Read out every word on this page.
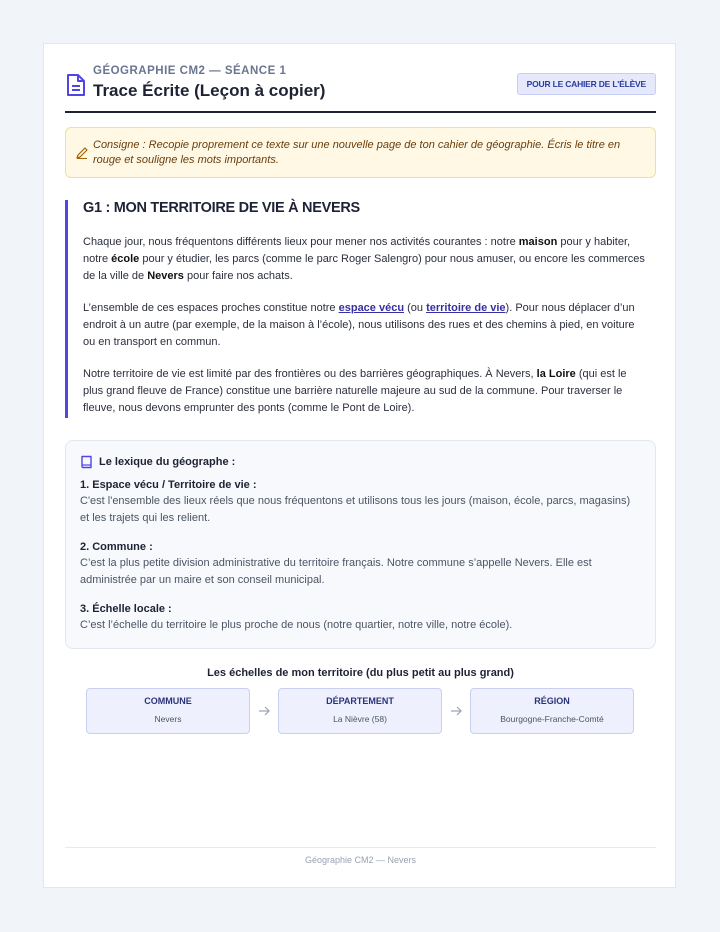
GÉOGRAPHIE CM2 — SÉANCE 1
Trace Écrite (Leçon à copier)	POUR LE CAHIER DE L'ÉLÈVE
Consigne : Recopie proprement ce texte sur une nouvelle page de ton cahier de géographie. Écris le titre en rouge et souligne les mots importants.
G1 : MON TERRITOIRE DE VIE À NEVERS

Chaque jour, nous fréquentons différents lieux pour mener nos activités courantes : notre maison pour y habiter, notre école pour y étudier, les parcs (comme le parc Roger Salengro) pour nous amuser, ou encore les commerces de la ville de Nevers pour faire nos achats.

L’ensemble de ces espaces proches constitue notre espace vécu (ou territoire de vie). Pour nous déplacer d’un endroit à un autre (par exemple, de la maison à l’école), nous utilisons des rues et des chemins à pied, en voiture ou en transport en commun.

Notre territoire de vie est limité par des frontières ou des barrières géographiques. À Nevers, la Loire (qui est le plus grand fleuve de France) constitue une barrière naturelle majeure au sud de la commune. Pour traverser le fleuve, nous devons emprunter des ponts (comme le Pont de Loire).

Le lexique du géographe :
1. Espace vécu / Territoire de vie :
C'est l'ensemble des lieux réels que nous fréquentons et utilisons tous les jours (maison, école, parcs, magasins) et les trajets qui les relient.
2. Commune :
C’est la plus petite division administrative du territoire français. Notre commune s’appelle Nevers. Elle est administrée par un maire et son conseil municipal.
3. Échelle locale :
C’est l’échelle du territoire le plus proche de nous (notre quartier, notre ville, notre école).
Les échelles de mon territoire (du plus petit au plus grand)
COMMUNE
Nevers
DÉPARTEMENT
La Nièvre (58)
RÉGION
Bourgogne-Franche-Comté
Géographie CM2 — Nevers
